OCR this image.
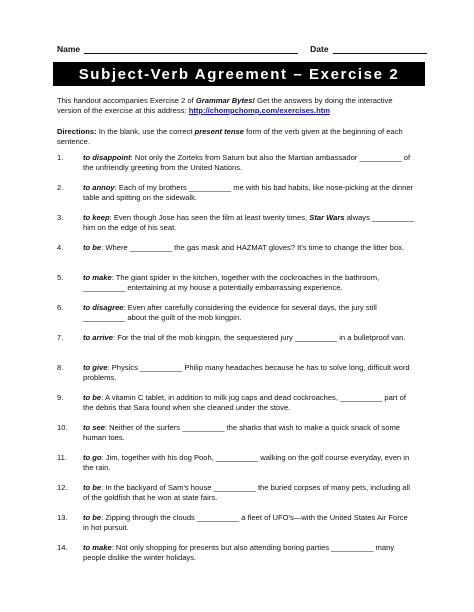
Name	Date
Subject-Verb Agreement – Exercise 2
This handout accompanies Exercise 2 of Grammar Bytes! Get the answers by doing the interactive version of the exercise at this address: http://chompchomp.com/exercises.htm
Directions: In the blank, use the correct present tense form of the verb given at the beginning of each sentence.
1.	to disappoint: Not only the Zorteks from Saturn but also the Martian ambassador __________ of the unfriendly greeting from the United Nations.
2.	to annoy: Each of my brothers __________ me with his bad habits, like nose-picking at the dinner table and spitting on the sidewalk.
3.	to keep: Even though Jose has seen the film at least twenty times, Star Wars always __________ him on the edge of his seat.
4.	to be: Where __________ the gas mask and HAZMAT gloves? It's time to change the litter box.
5.	to make: The giant spider in the kitchen, together with the cockroaches in the bathroom, __________ entertaining at my house a potentially embarrassing experience.
6.	to disagree: Even after carefully considering the evidence for several days, the jury still __________ about the guilt of the mob kingpin.
7.	to arrive: For the trial of the mob kingpin, the sequestered jury __________ in a bulletproof van.
8.	to give: Physics __________ Philip many headaches because he has to solve long, difficult word problems.
9.	to be: A vitamin C tablet, in addition to milk jug caps and dead cockroaches, __________ part of the debris that Sara found when she cleaned under the stove.
10.	to see: Neither of the surfers __________ the sharks that wish to make a quick snack of some human toes.
11.	to go: Jim, together with his dog Pooh, __________ walking on the golf course everyday, even in the rain.
12.	to be: In the backyard of Sam's house __________ the buried corpses of many pets, including all of the goldfish that he won at state fairs.
13.	to be: Zipping through the clouds __________ a fleet of UFO's—with the United States Air Force in hot pursuit.
14.	to make: Not only shopping for presents but also attending boring parties __________ many people dislike the winter holidays.
